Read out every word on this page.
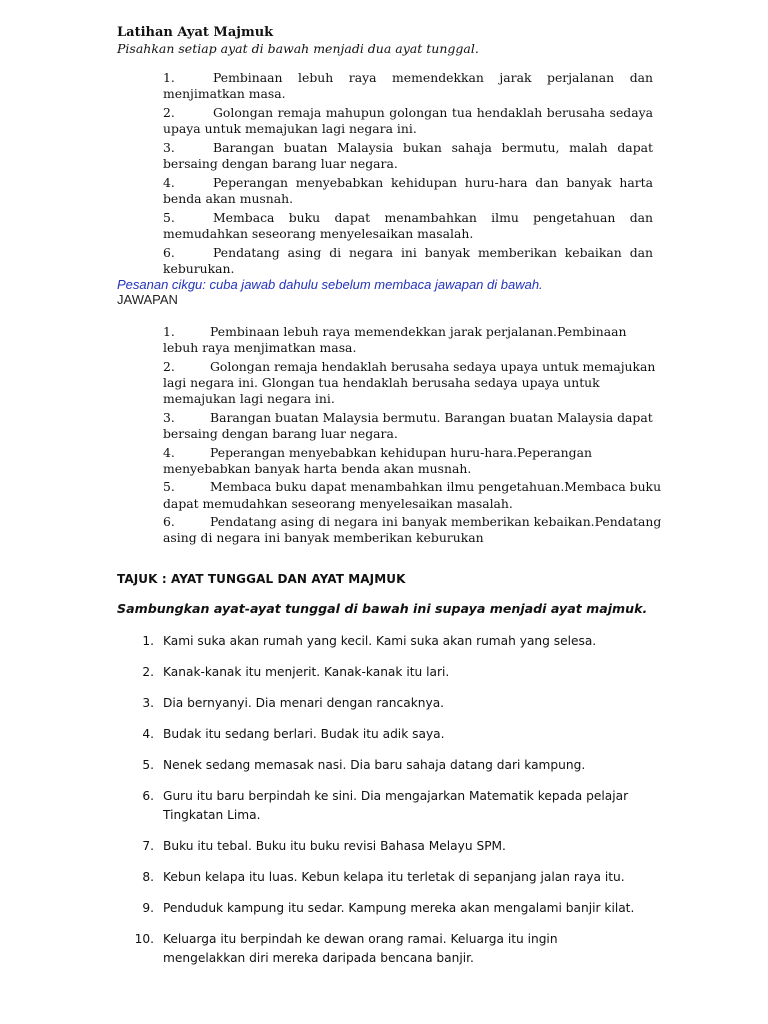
Latihan Ayat Majmuk
Pisahkan setiap ayat di bawah menjadi dua ayat tunggal.
1.	Pembinaan lebuh raya memendekkan jarak perjalanan dan menjimatkan masa.
2.	Golongan remaja mahupun golongan tua hendaklah berusaha sedaya upaya untuk memajukan lagi negara ini.
3.	Barangan buatan Malaysia bukan sahaja bermutu, malah dapat bersaing dengan barang luar negara.
4.	Peperangan menyebabkan kehidupan huru-hara dan banyak harta benda akan musnah.
5.	Membaca buku dapat menambahkan ilmu pengetahuan dan memudahkan seseorang menyelesaikan masalah.
6.	Pendatang asing di negara ini banyak memberikan kebaikan dan keburukan.
Pesanan cikgu: cuba jawab dahulu sebelum membaca jawapan di bawah.
JAWAPAN
1.	Pembinaan lebuh raya memendekkan jarak perjalanan.Pembinaan lebuh raya menjimatkan masa.
2.	Golongan remaja hendaklah berusaha sedaya upaya untuk memajukan lagi negara ini. Glongan tua hendaklah berusaha sedaya upaya untuk memajukan lagi negara ini.
3.	Barangan buatan Malaysia bermutu. Barangan buatan Malaysia dapat bersaing dengan barang luar negara.
4.	Peperangan menyebabkan kehidupan huru-hara.Peperangan menyebabkan banyak harta benda akan musnah.
5.	Membaca buku dapat menambahkan ilmu pengetahuan.Membaca buku dapat memudahkan seseorang menyelesaikan masalah.
6.	Pendatang asing di negara ini banyak memberikan kebaikan.Pendatang asing di negara ini banyak memberikan keburukan
TAJUK : AYAT TUNGGAL DAN AYAT MAJMUK
Sambungkan ayat-ayat tunggal di bawah ini supaya menjadi ayat majmuk.
1. Kami suka akan rumah yang kecil. Kami suka akan rumah yang selesa.
2. Kanak-kanak itu menjerit. Kanak-kanak itu lari.
3. Dia bernyanyi. Dia menari dengan rancaknya.
4. Budak itu sedang berlari. Budak itu adik saya.
5. Nenek sedang memasak nasi. Dia baru sahaja datang dari kampung.
6. Guru itu baru berpindah ke sini. Dia mengajarkan Matematik kepada pelajar Tingkatan Lima.
7. Buku itu tebal. Buku itu buku revisi Bahasa Melayu SPM.
8. Kebun kelapa itu luas. Kebun kelapa itu terletak di sepanjang jalan raya itu.
9. Penduduk kampung itu sedar. Kampung mereka akan mengalami banjir kilat.
10. Keluarga itu berpindah ke dewan orang ramai. Keluarga itu ingin mengelakkan diri mereka daripada bencana banjir.
